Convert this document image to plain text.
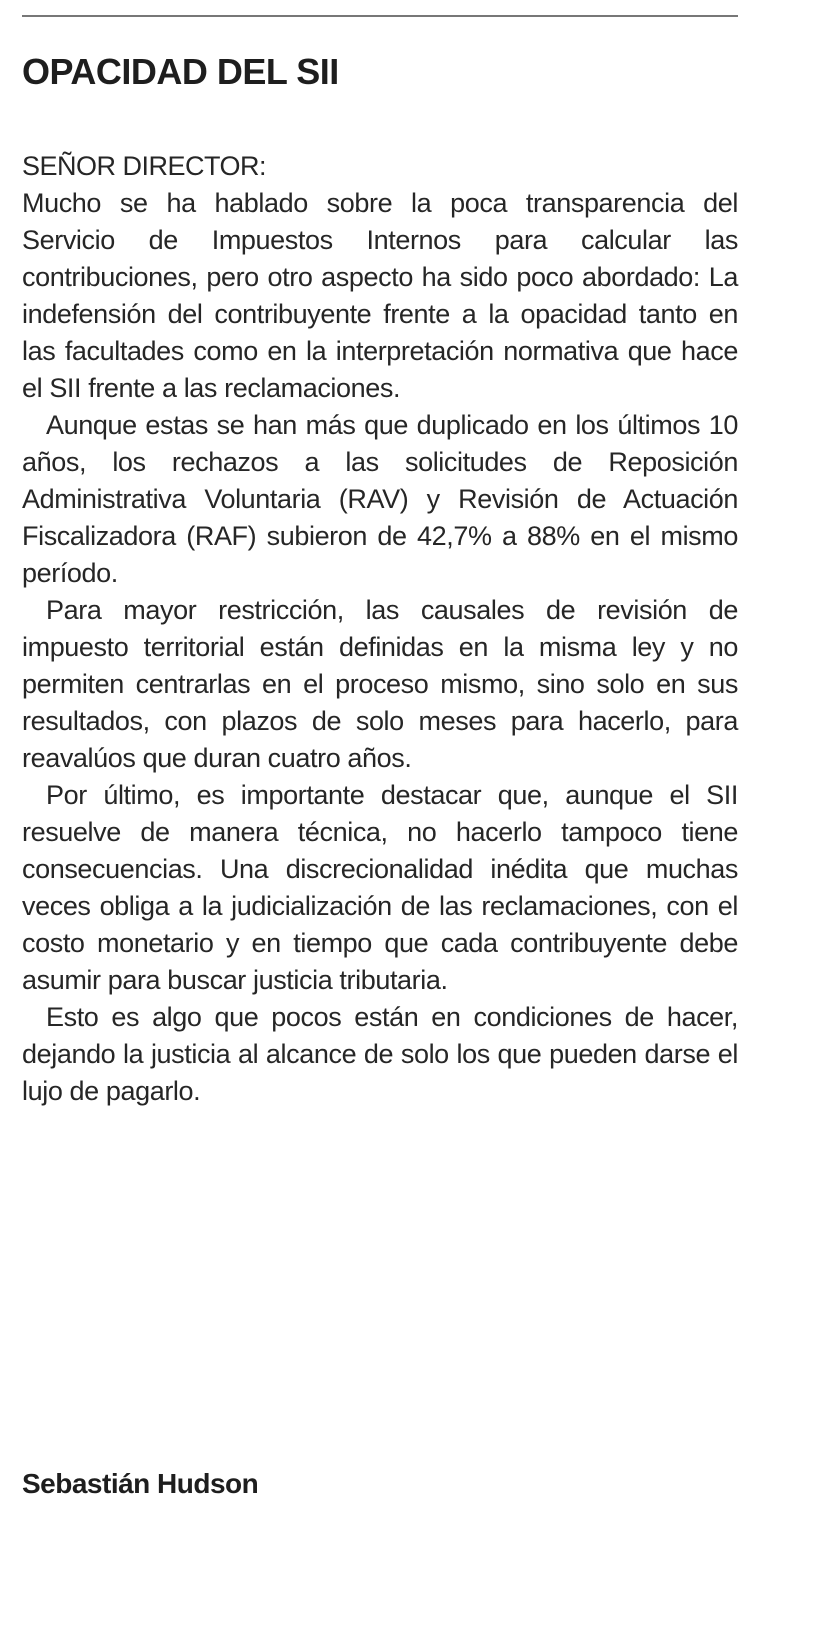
OPACIDAD DEL SII

SEÑOR DIRECTOR:

Mucho se ha hablado sobre la poca transparencia del Servicio de Impuestos Internos para calcular las contribuciones, pero otro aspecto ha sido poco abordado: La indefensión del contribuyente frente a la opacidad tanto en las facultades como en la interpretación normativa que hace el SII frente a las reclamaciones.

Aunque estas se han más que duplicado en los últimos 10 años, los rechazos a las solicitudes de Reposición Administrativa Voluntaria (RAV) y Revisión de Actuación Fiscalizadora (RAF) subieron de 42,7% a 88% en el mismo período.

Para mayor restricción, las causales de revisión de impuesto territorial están definidas en la misma ley y no permiten centrarlas en el proceso mismo, sino solo en sus resultados, con plazos de solo meses para hacerlo, para reavalúos que duran cuatro años.

Por último, es importante destacar que, aunque el SII resuelve de manera técnica, no hacerlo tampoco tiene consecuencias. Una discrecionalidad inédita que muchas veces obliga a la judicialización de las reclamaciones, con el costo monetario y en tiempo que cada contribuyente debe asumir para buscar justicia tributaria.

Esto es algo que pocos están en condiciones de hacer, dejando la justicia al alcance de solo los que pueden darse el lujo de pagarlo.

Sebastián Hudson
